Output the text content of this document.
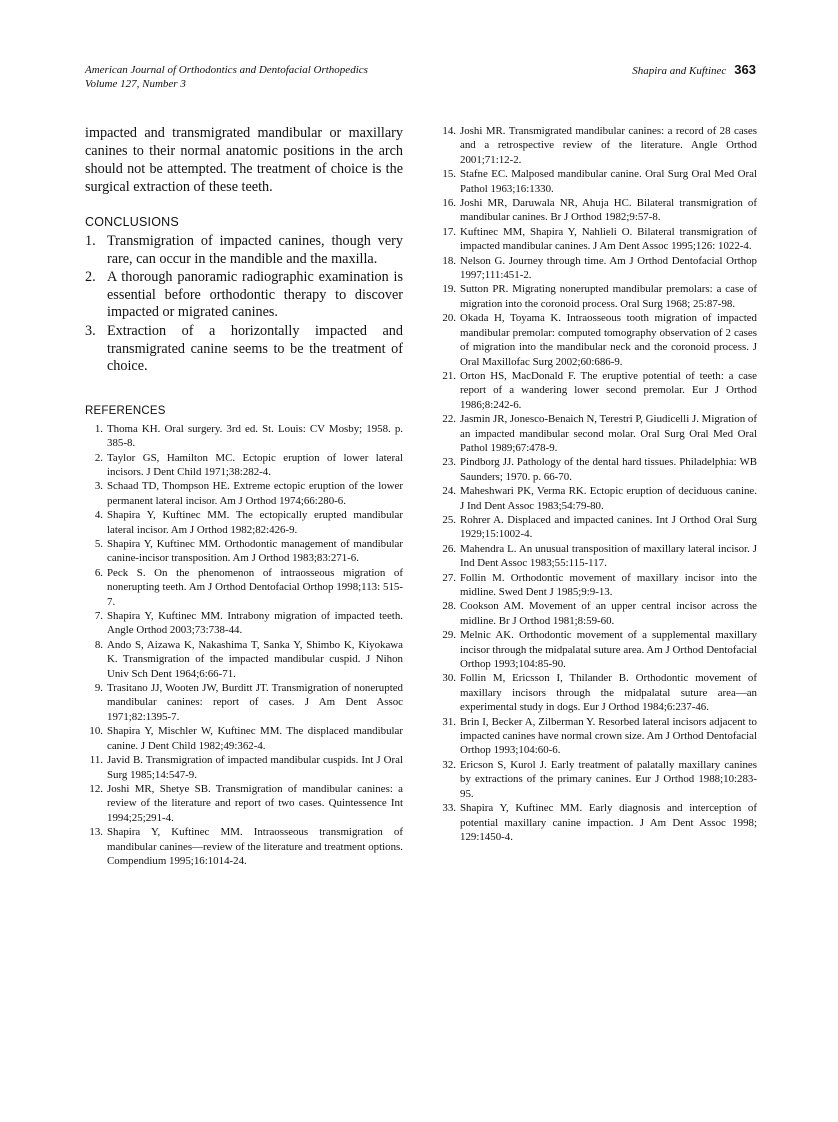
American Journal of Orthodontics and Dentofacial Orthopedics
Volume 127, Number 3
Shapira and Kuftinec 363

impacted and transmigrated mandibular or maxillary canines to their normal anatomic positions in the arch should not be attempted. The treatment of choice is the surgical extraction of these teeth.

CONCLUSIONS
1. Transmigration of impacted canines, though very rare, can occur in the mandible and the maxilla.
2. A thorough panoramic radiographic examination is essential before orthodontic therapy to discover impacted or migrated canines.
3. Extraction of a horizontally impacted and transmigrated canine seems to be the treatment of choice.
REFERENCES
1. Thoma KH. Oral surgery. 3rd ed. St. Louis: CV Mosby; 1958. p. 385-8.
2. Taylor GS, Hamilton MC. Ectopic eruption of lower lateral incisors. J Dent Child 1971;38:282-4.
3. Schaad TD, Thompson HE. Extreme ectopic eruption of the lower permanent lateral incisor. Am J Orthod 1974;66:280-6.
4. Shapira Y, Kuftinec MM. The ectopically erupted mandibular lateral incisor. Am J Orthod 1982;82:426-9.
5. Shapira Y, Kuftinec MM. Orthodontic management of mandibular canine-incisor transposition. Am J Orthod 1983;83:271-6.
6. Peck S. On the phenomenon of intraosseous migration of nonerupting teeth. Am J Orthod Dentofacial Orthop 1998;113: 515-7.
7. Shapira Y, Kuftinec MM. Intrabony migration of impacted teeth. Angle Orthod 2003;73:738-44.
8. Ando S, Aizawa K, Nakashima T, Sanka Y, Shimbo K, Kiyokawa K. Transmigration of the impacted mandibular cuspid. J Nihon Univ Sch Dent 1964;6:66-71.
9. Trasitano JJ, Wooten JW, Burditt JT. Transmigration of nonerupted mandibular canines: report of cases. J Am Dent Assoc 1971;82:1395-7.
10. Shapira Y, Mischler W, Kuftinec MM. The displaced mandibular canine. J Dent Child 1982;49:362-4.
11. Javid B. Transmigration of impacted mandibular cuspids. Int J Oral Surg 1985;14:547-9.
12. Joshi MR, Shetye SB. Transmigration of mandibular canines: a review of the literature and report of two cases. Quintessence Int 1994;25;291-4.
13. Shapira Y, Kuftinec MM. Intraosseous transmigration of mandibular canines—review of the literature and treatment options. Compendium 1995;16:1014-24.
14. Joshi MR. Transmigrated mandibular canines: a record of 28 cases and a retrospective review of the literature. Angle Orthod 2001;71:12-2.
15. Stafne EC. Malposed mandibular canine. Oral Surg Oral Med Oral Pathol 1963;16:1330.
16. Joshi MR, Daruwala NR, Ahuja HC. Bilateral transmigration of mandibular canines. Br J Orthod 1982;9:57-8.
17. Kuftinec MM, Shapira Y, Nahlieli O. Bilateral transmigration of impacted mandibular canines. J Am Dent Assoc 1995;126: 1022-4.
18. Nelson G. Journey through time. Am J Orthod Dentofacial Orthop 1997;111:451-2.
19. Sutton PR. Migrating nonerupted mandibular premolars: a case of migration into the coronoid process. Oral Surg 1968; 25:87-98.
20. Okada H, Toyama K. Intraosseous tooth migration of impacted mandibular premolar: computed tomography observation of 2 cases of migration into the mandibular neck and the coronoid process. J Oral Maxillofac Surg 2002;60:686-9.
21. Orton HS, MacDonald F. The eruptive potential of teeth: a case report of a wandering lower second premolar. Eur J Orthod 1986;8:242-6.
22. Jasmin JR, Jonesco-Benaich N, Terestri P, Giudicelli J. Migration of an impacted mandibular second molar. Oral Surg Oral Med Oral Pathol 1989;67:478-9.
23. Pindborg JJ. Pathology of the dental hard tissues. Philadelphia: WB Saunders; 1970. p. 66-70.
24. Maheshwari PK, Verma RK. Ectopic eruption of deciduous canine. J Ind Dent Assoc 1983;54:79-80.
25. Rohrer A. Displaced and impacted canines. Int J Orthod Oral Surg 1929;15:1002-4.
26. Mahendra L. An unusual transposition of maxillary lateral incisor. J Ind Dent Assoc 1983;55:115-117.
27. Follin M. Orthodontic movement of maxillary incisor into the midline. Swed Dent J 1985;9:9-13.
28. Cookson AM. Movement of an upper central incisor across the midline. Br J Orthod 1981;8:59-60.
29. Melnic AK. Orthodontic movement of a supplemental maxillary incisor through the midpalatal suture area. Am J Orthod Dentofacial Orthop 1993;104:85-90.
30. Follin M, Ericsson I, Thilander B. Orthodontic movement of maxillary incisors through the midpalatal suture area—an experimental study in dogs. Eur J Orthod 1984;6:237-46.
31. Brin I, Becker A, Zilberman Y. Resorbed lateral incisors adjacent to impacted canines have normal crown size. Am J Orthod Dentofacial Orthop 1993;104:60-6.
32. Ericson S, Kurol J. Early treatment of palatally maxillary canines by extractions of the primary canines. Eur J Orthod 1988;10:283-95.
33. Shapira Y, Kuftinec MM. Early diagnosis and interception of potential maxillary canine impaction. J Am Dent Assoc 1998; 129:1450-4.
